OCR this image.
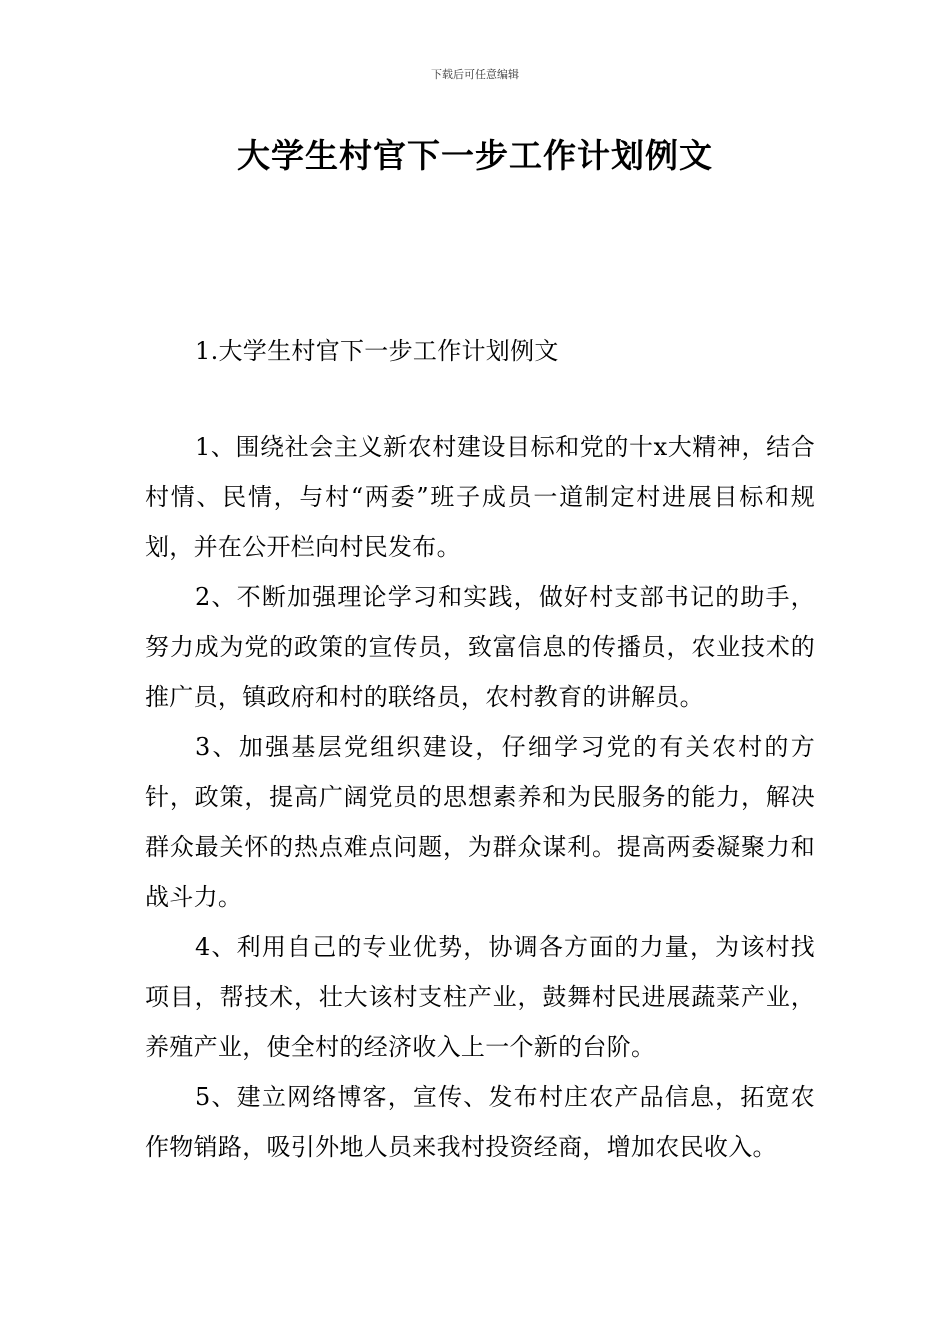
下载后可任意编辑
大学生村官下一步工作计划例文
1.大学生村官下一步工作计划例文

1、围绕社会主义新农村建设目标和党的十x大精神，结合村情、民情，与村“两委”班子成员一道制定村进展目标和规划，并在公开栏向村民发布。

2、不断加强理论学习和实践，做好村支部书记的助手，努力成为党的政策的宣传员，致富信息的传播员，农业技术的推广员，镇政府和村的联络员，农村教育的讲解员。

3、加强基层党组织建设，仔细学习党的有关农村的方针，政策，提高广阔党员的思想素养和为民服务的能力，解决群众最关怀的热点难点问题，为群众谋利。提高两委凝聚力和战斗力。

4、利用自己的专业优势，协调各方面的力量，为该村找项目，帮技术，壮大该村支柱产业，鼓舞村民进展蔬菜产业，养殖产业，使全村的经济收入上一个新的台阶。

5、建立网络博客，宣传、发布村庄农产品信息，拓宽农作物销路，吸引外地人员来我村投资经商，增加农民收入。
